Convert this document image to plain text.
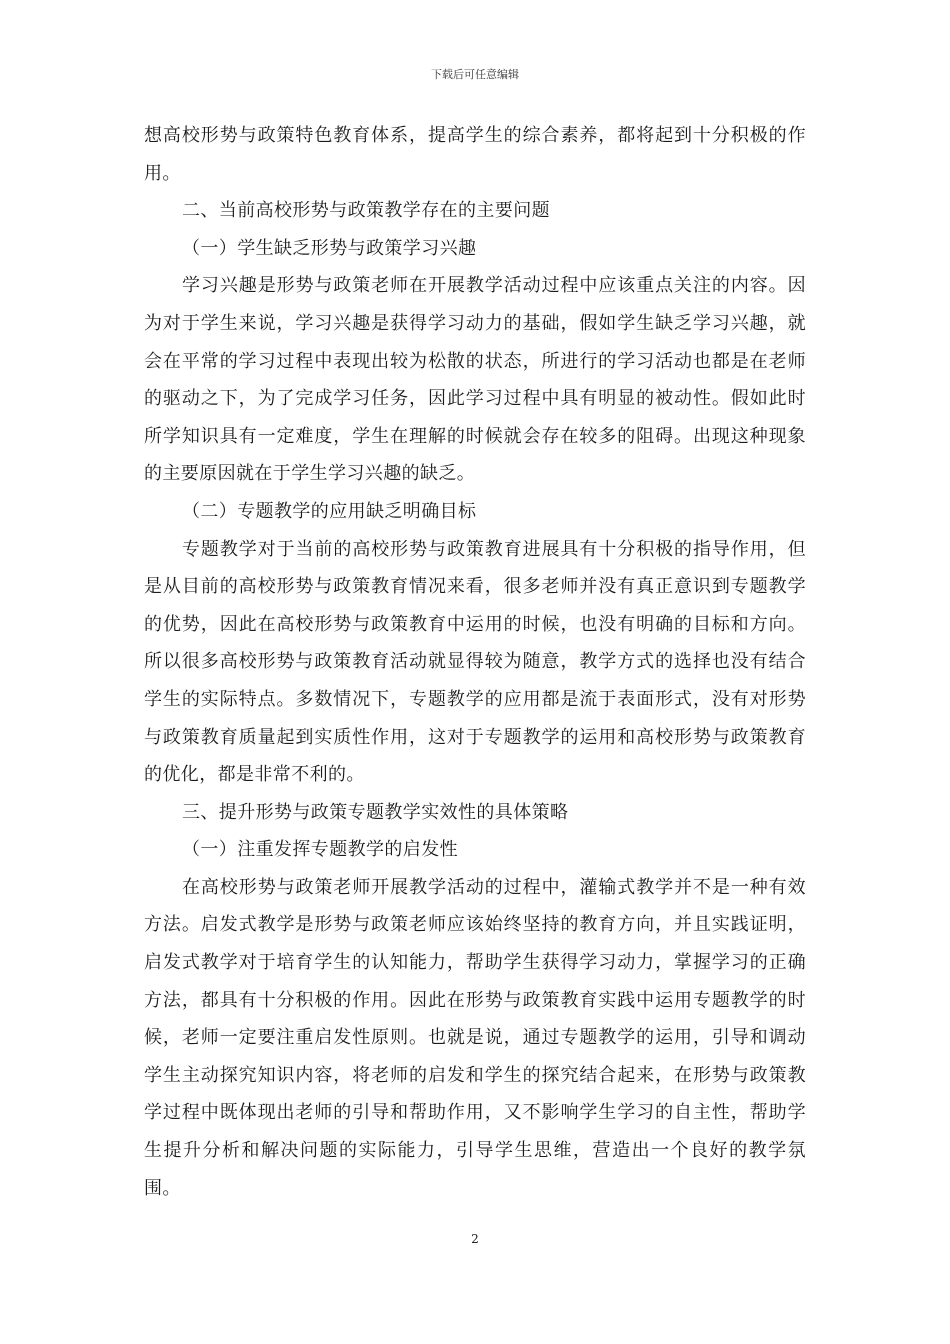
下载后可任意编辑

想高校形势与政策特色教育体系，提高学生的综合素养，都将起到十分积极的作用。

二、当前高校形势与政策教学存在的主要问题

（一）学生缺乏形势与政策学习兴趣

学习兴趣是形势与政策老师在开展教学活动过程中应该重点关注的内容。因为对于学生来说，学习兴趣是获得学习动力的基础，假如学生缺乏学习兴趣，就会在平常的学习过程中表现出较为松散的状态，所进行的学习活动也都是在老师的驱动之下，为了完成学习任务，因此学习过程中具有明显的被动性。假如此时所学知识具有一定难度，学生在理解的时候就会存在较多的阻碍。出现这种现象的主要原因就在于学生学习兴趣的缺乏。

（二）专题教学的应用缺乏明确目标

专题教学对于当前的高校形势与政策教育进展具有十分积极的指导作用，但是从目前的高校形势与政策教育情况来看，很多老师并没有真正意识到专题教学的优势，因此在高校形势与政策教育中运用的时候，也没有明确的目标和方向。所以很多高校形势与政策教育活动就显得较为随意，教学方式的选择也没有结合学生的实际特点。多数情况下，专题教学的应用都是流于表面形式，没有对形势与政策教育质量起到实质性作用，这对于专题教学的运用和高校形势与政策教育的优化，都是非常不利的。

三、提升形势与政策专题教学实效性的具体策略

（一）注重发挥专题教学的启发性

在高校形势与政策老师开展教学活动的过程中，灌输式教学并不是一种有效方法。启发式教学是形势与政策老师应该始终坚持的教育方向，并且实践证明，启发式教学对于培育学生的认知能力，帮助学生获得学习动力，掌握学习的正确方法，都具有十分积极的作用。因此在形势与政策教育实践中运用专题教学的时候，老师一定要注重启发性原则。也就是说，通过专题教学的运用，引导和调动学生主动探究知识内容，将老师的启发和学生的探究结合起来，在形势与政策教学过程中既体现出老师的引导和帮助作用，又不影响学生学习的自主性，帮助学生提升分析和解决问题的实际能力，引导学生思维，营造出一个良好的教学氛围。

2
